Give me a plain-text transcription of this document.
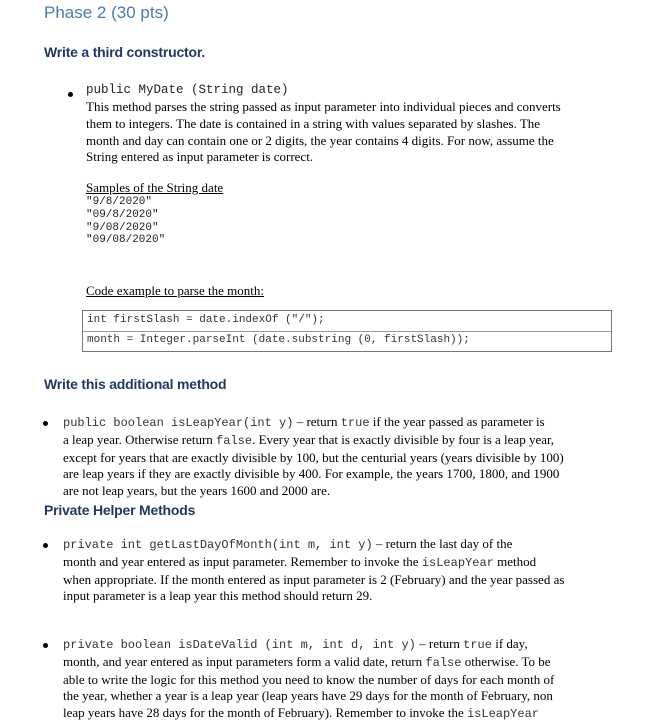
Phase 2 (30 pts)
Write a third constructor.
public MyDate (String date)
This method parses the string passed as input parameter into individual pieces and converts
them to integers. The date is contained in a string with values separated by slashes. The
month and day can contain one or 2 digits, the year contains 4 digits. For now, assume the
String entered as input parameter is correct.
Samples of the String date
"9/8/2020"
"09/8/2020"
"9/08/2020"
"09/08/2020"
Code example to parse the month:
int firstSlash = date.indexOf ("/");
month = Integer.parseInt (date.substring (0, firstSlash));
Write this additional method
public boolean isLeapYear(int y) – return true if the year passed as parameter is
a leap year. Otherwise return false. Every year that is exactly divisible by four is a leap year,
except for years that are exactly divisible by 100, but the centurial years (years divisible by 100)
are leap years if they are exactly divisible by 400. For example, the years 1700, 1800, and 1900
are not leap years, but the years 1600 and 2000 are.
Private Helper Methods
private int getLastDayOfMonth(int m, int y) – return the last day of the
month and year entered as input parameter. Remember to invoke the isLeapYear method
when appropriate. If the month entered as input parameter is 2 (February) and the year passed as
input parameter is a leap year this method should return 29.
private boolean isDateValid (int m, int d, int y) – return true if day,
month, and year entered as input parameters form a valid date, return false otherwise. To be
able to write the logic for this method you need to know the number of days for each month of
the year, whether a year is a leap year (leap years have 29 days for the month of February, non
leap years have 28 days for the month of February). Remember to invoke the isLeapYear
